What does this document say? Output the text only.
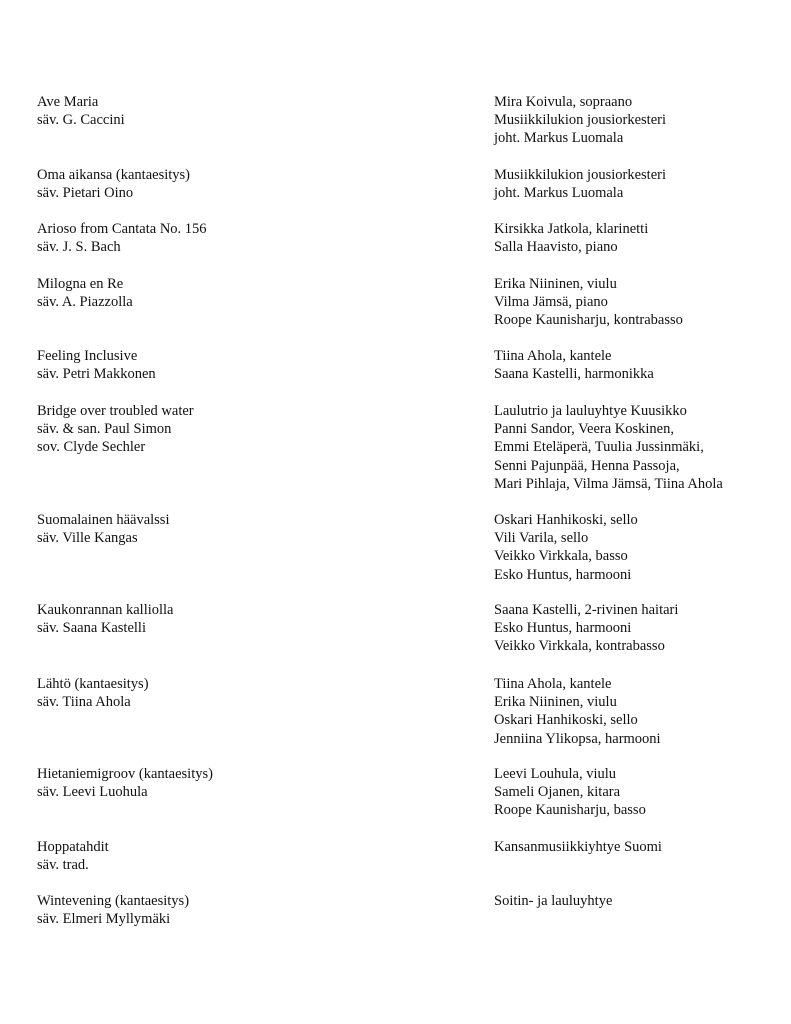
Ave Maria
säv. G. Caccini
Mira Koivula, sopraano
Musiikkilukion jousiorkesteri
joht. Markus Luomala
Oma aikansa (kantaesitys)
säv. Pietari Oino
Musiikkilukion jousiorkesteri
joht. Markus Luomala
Arioso from Cantata No. 156
säv. J. S. Bach
Kirsikka Jatkola, klarinetti
Salla Haavisto, piano
Milogna en Re
säv. A. Piazzolla
Erika Niininen, viulu
Vilma Jämsä, piano
Roope Kaunisharju, kontrabasso
Feeling Inclusive
säv. Petri Makkonen
Tiina Ahola, kantele
Saana Kastelli, harmonikka
Bridge over troubled water
säv. & san. Paul Simon
sov. Clyde Sechler
Laulutrio ja lauluyhtye Kuusikko
Panni Sandor, Veera Koskinen,
Emmi Eteläperä, Tuulia Jussinmäki,
Senni Pajunpää, Henna Passoja,
Mari Pihlaja, Vilma Jämsä, Tiina Ahola
Suomalainen häävalssi
säv. Ville Kangas
Oskari Hanhikoski, sello
Vili Varila, sello
Veikko Virkkala, basso
Esko Huntus, harmooni
Kaukonrannan kalliolla
säv. Saana Kastelli
Saana Kastelli, 2-rivinen haitari
Esko Huntus, harmooni
Veikko Virkkala, kontrabasso
Lähtö (kantaesitys)
säv. Tiina Ahola
Tiina Ahola, kantele
Erika Niininen, viulu
Oskari Hanhikoski, sello
Jenniina Ylikopsa, harmooni
Hietaniemigroov (kantaesitys)
säv. Leevi Luohula
Leevi Louhula, viulu
Sameli Ojanen, kitara
Roope Kaunisharju, basso
Hoppatahdit
säv. trad.
Kansanmusiikkiyhtye Suomi
Wintevening (kantaesitys)
säv. Elmeri Myllymäki
Soitin- ja lauluyhtye
